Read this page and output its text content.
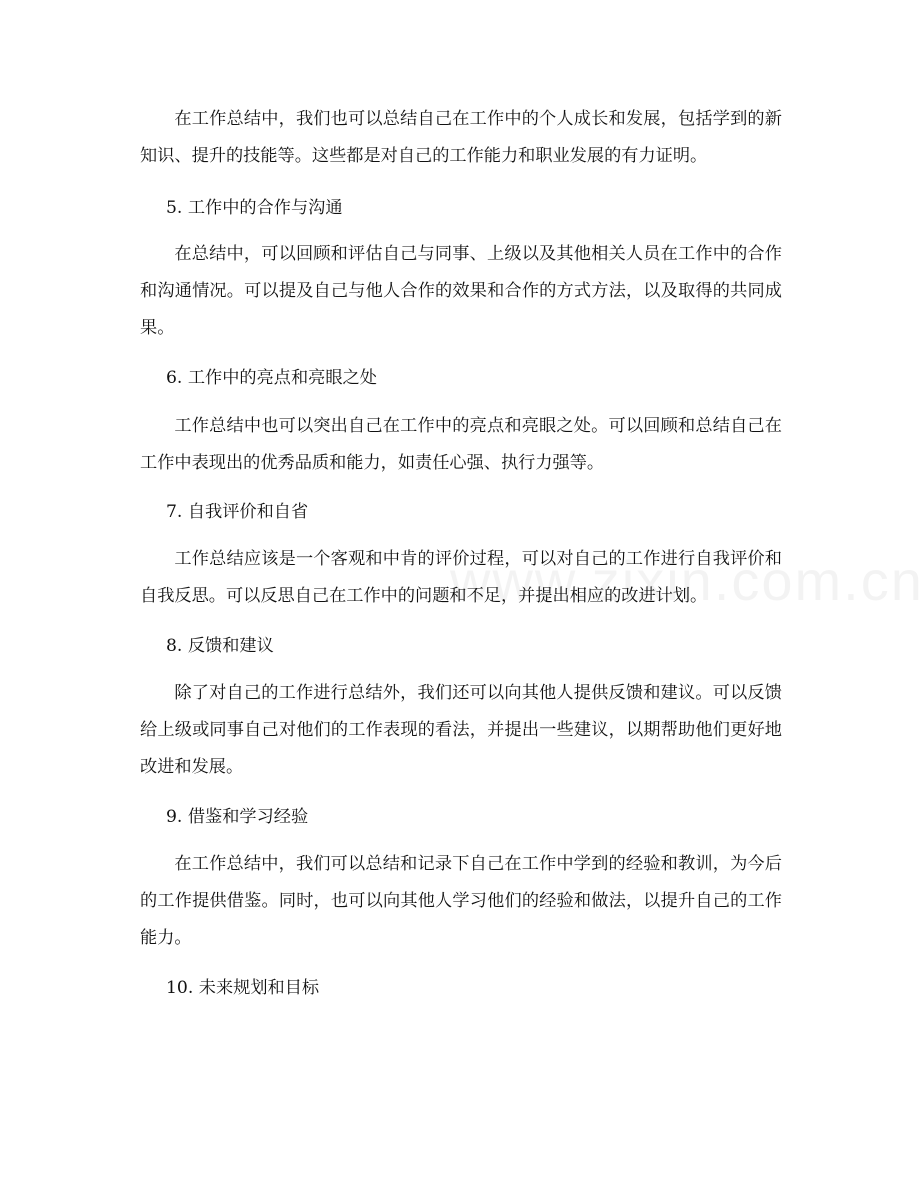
在工作总结中，我们也可以总结自己在工作中的个人成长和发展，包括学到的新知识、提升的技能等。这些都是对自己的工作能力和职业发展的有力证明。
5. 工作中的合作与沟通
在总结中，可以回顾和评估自己与同事、上级以及其他相关人员在工作中的合作和沟通情况。可以提及自己与他人合作的效果和合作的方式方法，以及取得的共同成果。
6. 工作中的亮点和亮眼之处
工作总结中也可以突出自己在工作中的亮点和亮眼之处。可以回顾和总结自己在工作中表现出的优秀品质和能力，如责任心强、执行力强等。
7. 自我评价和自省
工作总结应该是一个客观和中肯的评价过程，可以对自己的工作进行自我评价和自我反思。可以反思自己在工作中的问题和不足，并提出相应的改进计划。
8. 反馈和建议
除了对自己的工作进行总结外，我们还可以向其他人提供反馈和建议。可以反馈给上级或同事自己对他们的工作表现的看法，并提出一些建议，以期帮助他们更好地改进和发展。
9. 借鉴和学习经验
在工作总结中，我们可以总结和记录下自己在工作中学到的经验和教训，为今后的工作提供借鉴。同时，也可以向其他人学习他们的经验和做法，以提升自己的工作能力。
10. 未来规划和目标
